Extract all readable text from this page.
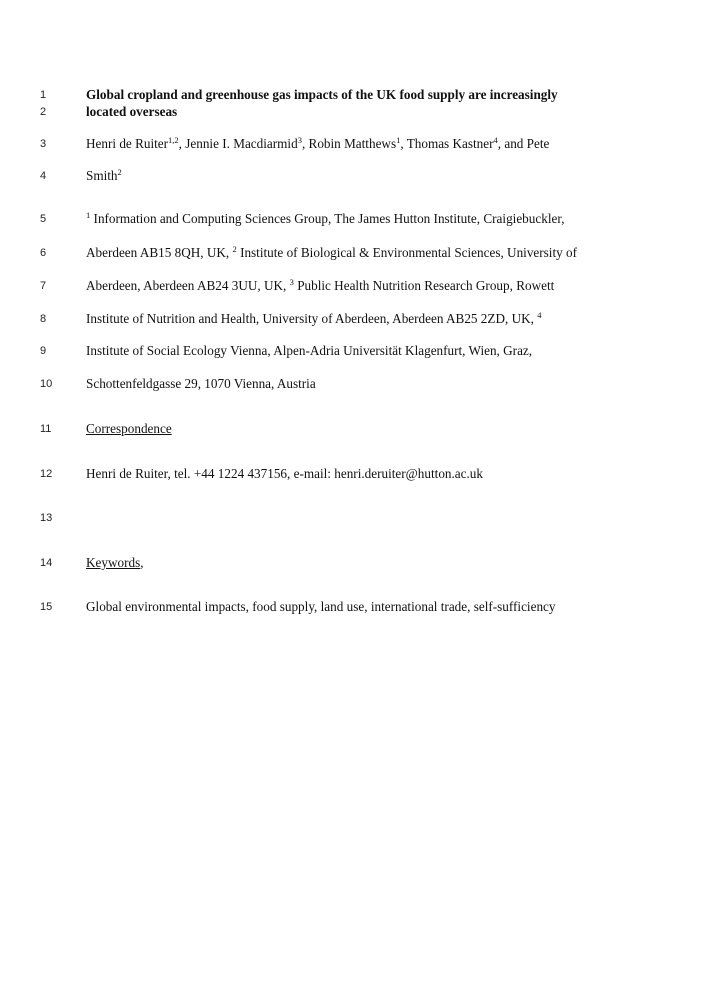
1	Global cropland and greenhouse gas impacts of the UK food supply are increasingly
2	located overseas
3	Henri de Ruiter$^{1,2}$, Jennie I. Macdiarmid$^3$, Robin Matthews$^1$, Thomas Kastner$^4$, and Pete
4	Smith$^2$
5	$^1$ Information and Computing Sciences Group, The James Hutton Institute, Craigiebuckler,
6	Aberdeen AB15 8QH, UK, $^2$ Institute of Biological & Environmental Sciences, University of
7	Aberdeen, Aberdeen AB24 3UU, UK, $^3$ Public Health Nutrition Research Group, Rowett
8	Institute of Nutrition and Health, University of Aberdeen, Aberdeen AB25 2ZD, UK, $^4$
9	Institute of Social Ecology Vienna, Alpen-Adria Universität Klagenfurt, Wien, Graz,
10	Schottenfeldgasse 29, 1070 Vienna, Austria
11	Correspondence
12	Henri de Ruiter, tel. +44 1224 437156, e-mail: henri.deruiter@hutton.ac.uk
13
14	Keywords,
15	Global environmental impacts, food supply, land use, international trade, self-sufficiency
